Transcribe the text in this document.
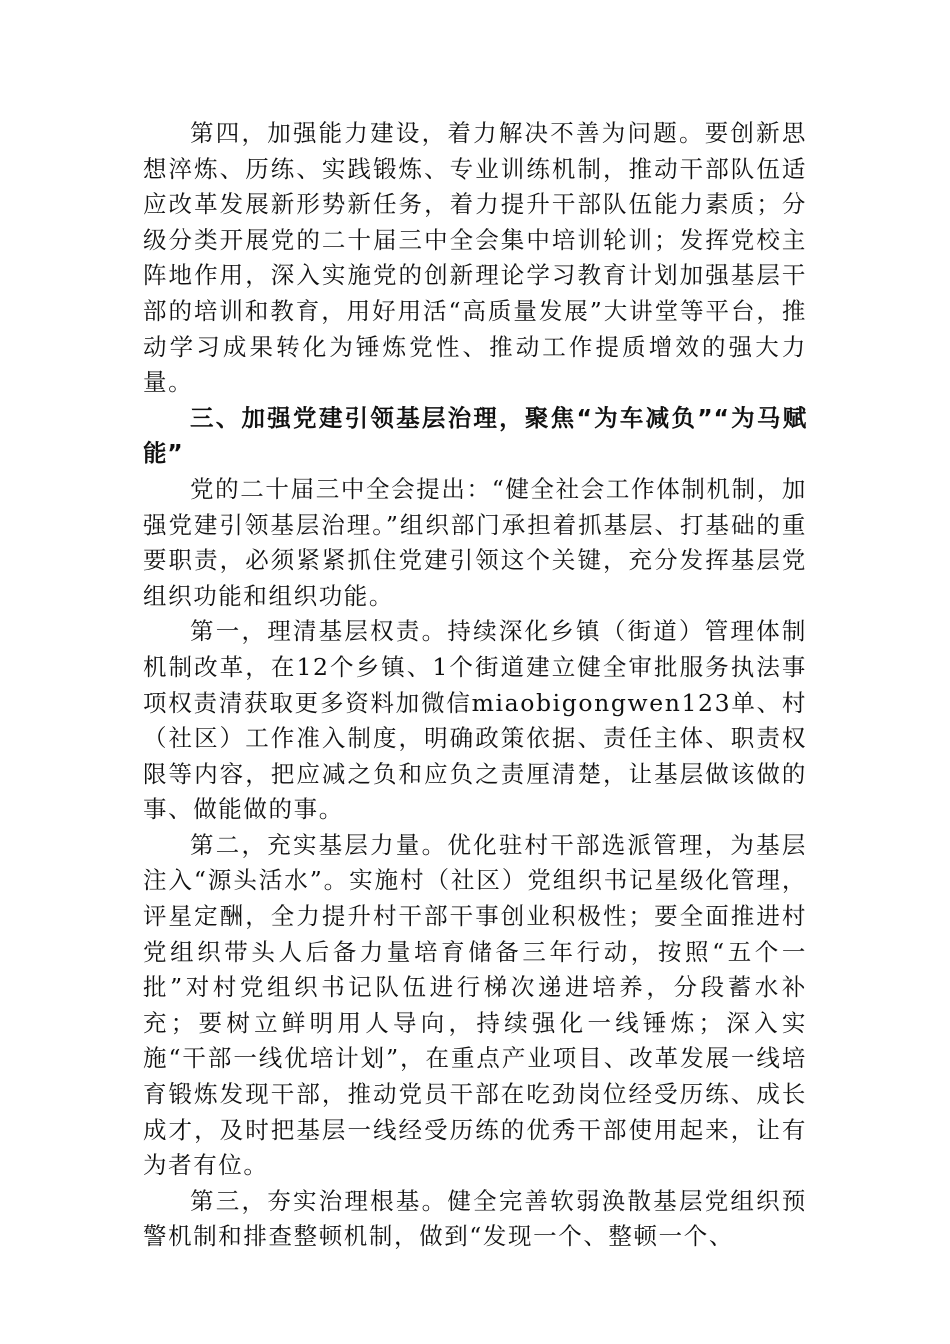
第四，加强能力建设，着力解决不善为问题。要创新思想淬炼、历练、实践锻炼、专业训练机制，推动干部队伍适应改革发展新形势新任务，着力提升干部队伍能力素质；分级分类开展党的二十届三中全会集中培训轮训；发挥党校主阵地作用，深入实施党的创新理论学习教育计划加强基层干部的培训和教育，用好用活“高质量发展”大讲堂等平台，推动学习成果转化为锤炼党性、推动工作提质增效的强大力量。

三、加强党建引领基层治理，聚焦“为车减负”“为马赋能”

党的二十届三中全会提出：“健全社会工作体制机制，加强党建引领基层治理。”组织部门承担着抓基层、打基础的重要职责，必须紧紧抓住党建引领这个关键，充分发挥基层党组织功能和组织功能。

第一，理清基层权责。持续深化乡镇（街道）管理体制机制改革，在12个乡镇、1个街道建立健全审批服务执法事项权责清获取更多资料加微信miaobigongwen123单、村（社区）工作准入制度，明确政策依据、责任主体、职责权限等内容，把应减之负和应负之责厘清楚，让基层做该做的事、做能做的事。

第二，充实基层力量。优化驻村干部选派管理，为基层注入“源头活水”。实施村（社区）党组织书记星级化管理，评星定酬，全力提升村干部干事创业积极性；要全面推进村党组织带头人后备力量培育储备三年行动，按照“五个一批”对村党组织书记队伍进行梯次递进培养，分段蓄水补充；要树立鲜明用人导向，持续强化一线锤炼；深入实施“干部一线优培计划”，在重点产业项目、改革发展一线培育锻炼发现干部，推动党员干部在吃劲岗位经受历练、成长成才，及时把基层一线经受历练的优秀干部使用起来，让有为者有位。

第三，夯实治理根基。健全完善软弱涣散基层党组织预警机制和排查整顿机制，做到“发现一个、整顿一个、
